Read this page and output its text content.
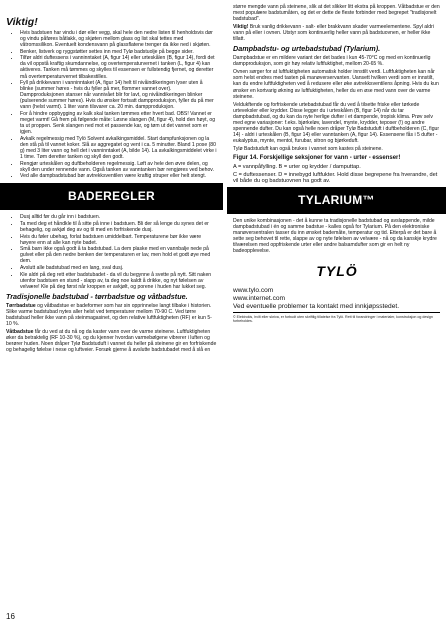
Viktig!
• Hvis badstuen har vindu i dør eller vegg, skal hele den nedre listen til henholdsvis dør og vindu påføres båtlakk, og skjøten mellom glass og list skal tettes med våtromssilikon. Eventuelt kondensvann på glassflatene trenger da ikke ned i skjøten.
• Benker, listverk og ryggstøtter settes inn med Tylø badstuolje på begge sider.
• Tilfør aldri duftessens i vanninntaket (A, figur 14) eller urteskålen (B, figur 14), fordi det da vil oppstå kraftig skumdannelse, og overtemperaturvernet i tanken (L, figur 4) kan aktiveres. Tanken må tømmes og skylles til essensen er fullstendig fjernet, og deretter må overtemperaturvernet tilbakestilles.
• Fyll på drikkevann i vanninntaket (A, figur 14) helt til nivåindikeringen lyser uten å blinke (summer høres - hvis du fyller på mer, flommer vannet over). Dampproduksjonen stanser når vannivået blir for lavt, og nivåindikeringen blinker (pulserende summer høres). Hvis du ønsker fortsatt dampproduksjon, fyller du på mer vann (helst varmt). 1 liter vann tilsvarer ca. 20 min. dampproduksjon.
• For å hindre oppbygging av kalk skal tanken tømmes etter hvert bad. OBS! Vannet er meget varmt! Gå frem på følgende måte: Løsne slangen (M, figur 4), hold den høyt, og ta ut proppen. Senk slangen ned mot et passende kar, og tøm ut det vannet som er igjen.
• Avkalk regelmessig med Tylö Solvent avkalkingsmiddel. Start dampfunksjonen og la den stå på til vannet koker. Slå av aggregatet og vent i ca. 5 minutter. Bland 1 pose (80 g) med 3 liter vann og hell det i vanninntaket (A, bilde 14). La avkalkingsmiddelet virke i 1 time. Tøm deretter tanken og skyll den godt.
• Rengjør urteskålen og duftbeholderen regelmessig. Løft av hele den øvre delen, og skyll den under rennende vann. Også tanken av vanntanken bør rengjøres ved behov.
• Ved alle dampbadstubad bør avtrekksventilen være kraftig struper eller helt stengt.
BADEREGLER
• Dusj alltid før du går inn i badstuen.
• Ta med deg et håndkle til å sitte på inne i badstuen. Bli der så lenge du synes det er behagelig, og avkjøl deg av og til med en forfriskende dusj.
• Hvis du føler ubehag, forlat badstuen umiddelbart. Temperaturene bør ikke være høyere enn at alle kan nyte badet.
• Små barn ikke også godt å ta badstubad. La dem plaske med en vannbalje nede på gulvet eller på den nedre benken der temperaturen er lav, men hold et godt øye med dem.
• Avslutt alle badstubad med en lang, sval dusj.
• Kle aldri på deg rett etter badstubadet - da vil du begynne å svette på nytt. Sitt naken utenfor badstuen en stund - slapp av, ta deg noe kaldt å drikke, og nyt følelsen av velvære! Kle på deg først når kroppen er avkjølt, og porene i huden har lukket seg.
Tradisjonelle badstubad - tørrbadstue og våtbadstue.

Tørrbadstue og våtbadstue er badeformer som har sin opprinnelse langt tilbake i historien. Slike varme badstubad nytes aller helst ved temperaturer mellom 70-90 C. Ved tørre badstubad heller ikke vann på steinmagasinet, og den relative luftfuktigheten (RF) er kun 5-10 %.

Våtbadstue får du ved at du nå og da kaster vann over de varme steinene. Luftfuktigheten øker da betraktelig (RF 10-30 %), og du kjenner hvordan varmebølgene vibrerer i luften og berører huden. Noen dråper Tylø Badstuduft i vannet du heller på steinene gir en forfriskende og behagelig følelse i nese og luftveier. Forsøk gjerne å avslutte badstubadet med å slå en

16

større mengde vann på steinene, slik at det slikker litt ekstra på kroppen. Våtbadstue er den mest populære badstumåten, og det er dette de fleste forbinder med begrepet "tradisjonelt badstubad".

Viktig! Bruk vanlig drikkevann - salt- eller brakkvann skader varmeelementene. Spyl aldri vann på eller i ovnen. Utstyr som kontinuerlig heller vann på badstuovnen, er heller ikke tillatt.

Dampbadstu- og urtebadstubad (Tylarium).

Dampbadstue er en mildere variant der det bades i kun 45-70°C og med en kontinuerlig dampproduksjon, som gir høy relativ luftfuktighet, mellom 20-65 %.

Ovnen sørger for at luftfuktigheten automatisk holder innstilt verdi. Luftfuktigheten kan når som helst endres med tasten på manøverservanten. Uansett hvilken verdi som er innstilt, kan du endre luftfuktigheten ved å redusere eller øke avtrekksventilens åpning. Hvis du kun ønsker en kortvarig økning av luftfuktigheten, heller du en øse med vann over de varme steinene.

Veldukftende og forfriskende urtebadstubad får du ved å tilsette friske eller tørkede urteveksler eller krydder. Disse legger du i urteskålen (B, figur 14) når du tar dampbadstubad, og du kan da nyte herlige dufter i et dampende, tropisk klima. Prøv selv med egne variasjoner: f.eks. bjørkeløv, lavendel, mynte, krydder, teposer (!) og andre spennende dufter. Du kan også helle noen dråper Tylø Badstuduft i duftbeholderen (C, figur 14) - aldri i urteskålen (B, figur 14) eller vanntanken (A, figur 14). Essensene fås i 5 dufter - eukalyptus, mynte, mentol, furubar, sitron og bjørkeduft.

Tylø Badstuduft kan også brukes i vannet som kastes på steinene.

Figur 14. Forskjellige seksjoner for vann - urter - essenser!
A = vannpåfylling. B = urter og krydder / damputtap.
C = duftessenser. D = innebygd luftfukter. Hold disse begrepene fra hverandre, det vil både du og badstuovnen ha godt av.
TYLARIUM™

Den unike kombinasjonen - det å kunne ta tradisjonelle badstubad og avslappende, milde dampbadstubad i én og samme badstue - kalles også for Tylarium. På den elektroniske manøversentralen tasser du inn ønsket bademåte, temperatur og tid. Etterpå er det bare å sette seg behovet til rette, slappe av og nyte følelsen av velvære - nå og da kanskje krydre tilværelsen med oppfriskende urter eller andre balsamdufter som gir en helt ny badeopplevelse.

TYLÖ
www.tylo.com
www.internet.com
Ved eventuelle problemer ta kontakt med innkjøpsstedet.

© Elektrokis, hvilt eller skriva, er forbudt uten skriftlig tillatelse fra Tylö. Rett til forandringer i materialer, konstruksjon og design forbeholdes.
